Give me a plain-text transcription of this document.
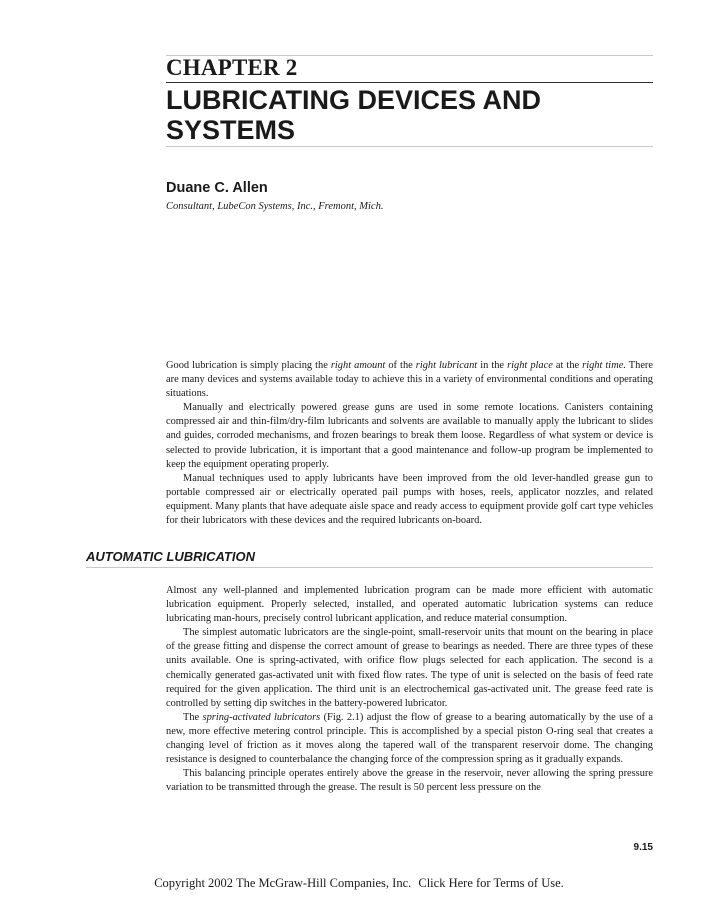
CHAPTER 2
LUBRICATING DEVICES AND SYSTEMS
Duane C. Allen
Consultant, LubeCon Systems, Inc., Fremont, Mich.

Good lubrication is simply placing the right amount of the right lubricant in the right place at the right time. There are many devices and systems available today to achieve this in a variety of environmental conditions and operating situations.

Manually and electrically powered grease guns are used in some remote locations. Canisters containing compressed air and thin-film/dry-film lubricants and solvents are available to manually apply the lubricant to slides and guides, corroded mechanisms, and frozen bearings to break them loose. Regardless of what system or device is selected to provide lubrication, it is important that a good maintenance and follow-up program be implemented to keep the equipment operating properly.

Manual techniques used to apply lubricants have been improved from the old lever-handled grease gun to portable compressed air or electrically operated pail pumps with hoses, reels, applicator nozzles, and related equipment. Many plants that have adequate aisle space and ready access to equipment provide golf cart type vehicles for their lubricators with these devices and the required lubricants on-board.

AUTOMATIC LUBRICATION

Almost any well-planned and implemented lubrication program can be made more efficient with automatic lubrication equipment. Properly selected, installed, and operated automatic lubrication systems can reduce lubricating man-hours, precisely control lubricant application, and reduce material consumption.

The simplest automatic lubricators are the single-point, small-reservoir units that mount on the bearing in place of the grease fitting and dispense the correct amount of grease to bearings as needed. There are three types of these units available. One is spring-activated, with orifice flow plugs selected for each application. The second is a chemically generated gas-activated unit with fixed flow rates. The type of unit is selected on the basis of feed rate required for the given application. The third unit is an electrochemical gas-activated unit. The grease feed rate is controlled by setting dip switches in the battery-powered lubricator.

The spring-activated lubricators (Fig. 2.1) adjust the flow of grease to a bearing automatically by the use of a new, more effective metering control principle. This is accomplished by a special piston O-ring seal that creates a changing level of friction as it moves along the tapered wall of the transparent reservoir dome. The changing resistance is designed to counterbalance the changing force of the compression spring as it gradually expands.

This balancing principle operates entirely above the grease in the reservoir, never allowing the spring pressure variation to be transmitted through the grease. The result is 50 percent less pressure on the

9.15
Copyright 2002 The McGraw-Hill Companies, Inc. Click Here for Terms of Use.
